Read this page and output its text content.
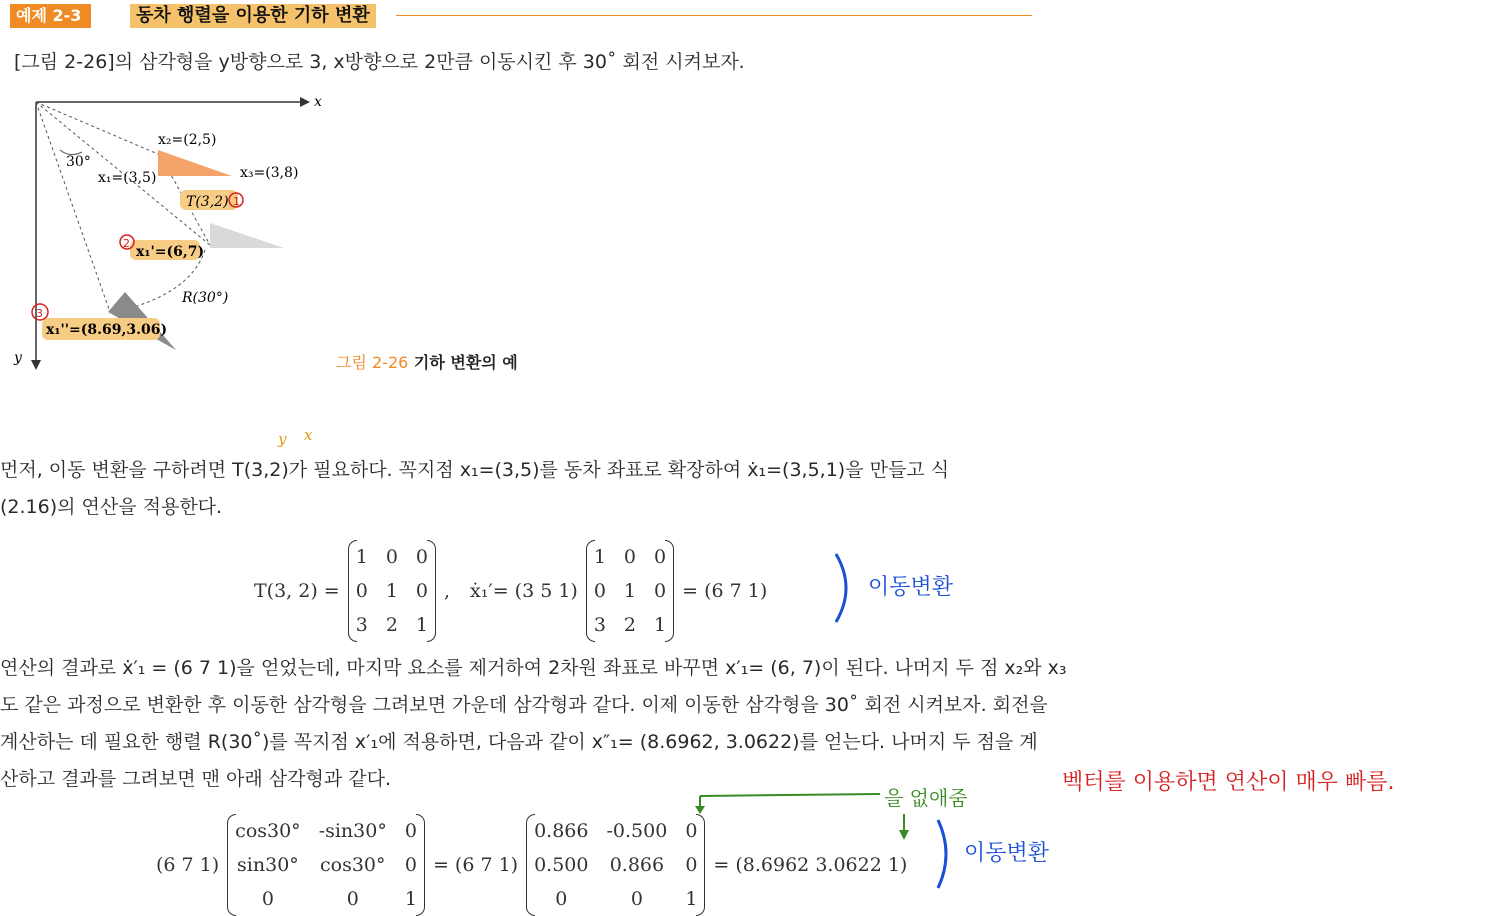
예제 2-3	동차 행렬을 이용한 기하 변환
[그림 2-26]의 삼각형을 y방향으로 3, x방향으로 2만큼 이동시킨 후 30˚ 회전 시켜보자.
x
y
30°
x₁=(3,5)
x₂=(2,5)
x₃=(3,8)
T(3,2)
x₁'=(6,7)
R(30°)
x₁''=(8.69,3.06)
1
2
3
그림 2-26 기하 변환의 예
y x
먼저, 이동 변환을 구하려면 T(3,2)가 필요하다. 꼭지점 x₁=(3,5)를 동차 좌표로 확장하여 ẋ₁=(3,5,1)을 만들고 식
(2.16)의 연산을 적용한다.
T(3, 2) =
1 0 0
0 1 0
3 2 1
, ẋ₁′= (3 5 1)
1 0 0
0 1 0
3 2 1
= (6 7 1)	이동변환
연산의 결과로 ẋ′₁ = (6 7 1)을 얻었는데, 마지막 요소를 제거하여 2차원 좌표로 바꾸면 x′₁= (6, 7)이 된다. 나머지 두 점 x₂와 x₃
도 같은 과정으로 변환한 후 이동한 삼각형을 그려보면 가운데 삼각형과 같다. 이제 이동한 삼각형을 30˚ 회전 시켜보자. 회전을
계산하는 데 필요한 행렬 R(30˚)를 꼭지점 x′₁에 적용하면, 다음과 같이 x″₁= (8.6962, 3.0622)를 얻는다. 나머지 두 점을 계
산하고 결과를 그려보면 맨 아래 삼각형과 같다.	벡터를 이용하면 연산이 매우 빠름.
을 없애줌
(6 7 1)
cos30° -sin30° 0
sin30° cos30° 0
0	0	1
= (6 7 1)
0.866 -0.500 0
0.500 0.866 0
0	0	1
= (8.6962 3.0622 1)	이동변환
